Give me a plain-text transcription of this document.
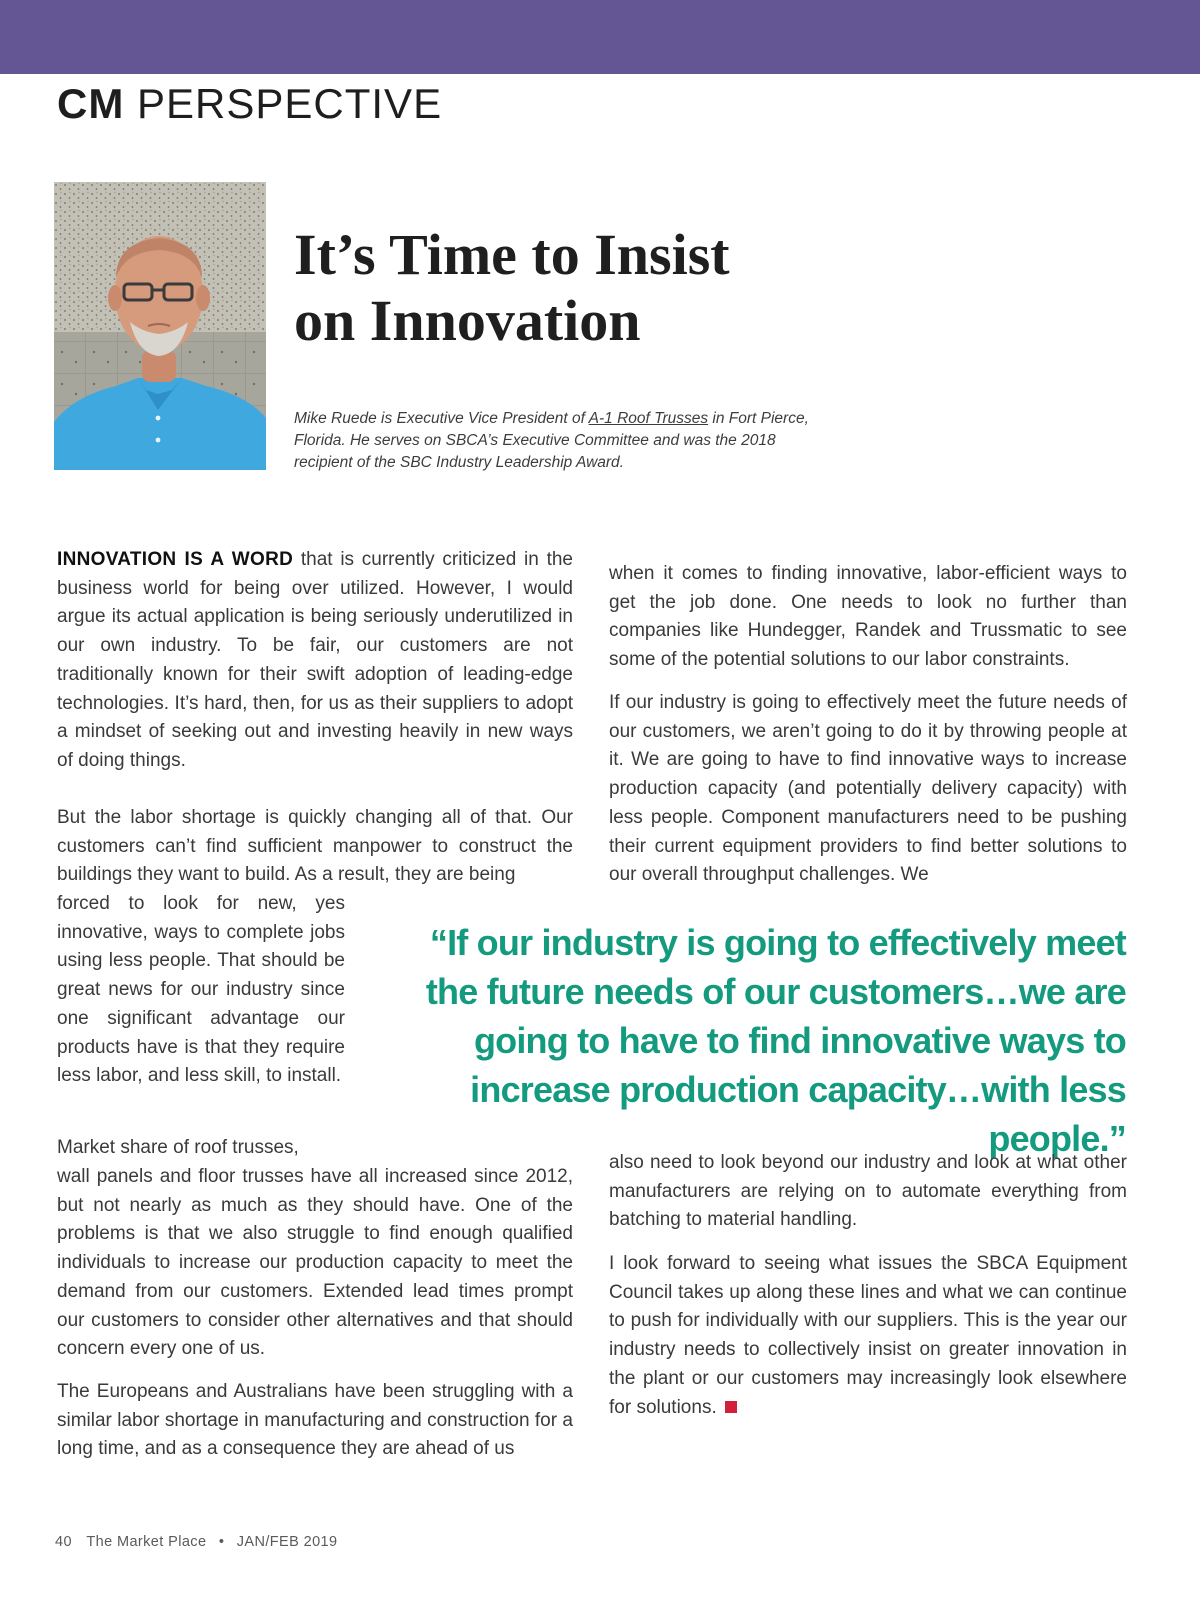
CM PERSPECTIVE
It’s Time to Insist
on Innovation
Mike Ruede is Executive Vice President of A-1 Roof Trusses in Fort Pierce, Florida. He serves on SBCA’s Executive Committee and was the 2018 recipient of the SBC Industry Leadership Award.

INNOVATION IS A WORD that is currently criticized in the business world for being over utilized. However, I would argue its actual application is being seriously underutilized in our own industry. To be fair, our customers are not traditionally known for their swift adoption of leading-edge technologies. It’s hard, then, for us as their suppliers to adopt a mindset of seeking out and investing heavily in new ways of doing things.

But the labor shortage is quickly changing all of that. Our customers can’t find sufficient manpower to construct the buildings they want to build. As a result, they are being

forced to look for new, yes innovative, ways to complete jobs using less people. That should be great news for our industry since one significant advantage our products have is that they require less labor, and less skill, to install.

Market share of roof trusses,

wall panels and floor trusses have all increased since 2012, but not nearly as much as they should have. One of the problems is that we also struggle to find enough qualified individuals to increase our production capacity to meet the demand from our customers. Extended lead times prompt our customers to consider other alternatives and that should concern every one of us.

The Europeans and Australians have been struggling with a similar labor shortage in manufacturing and construction for a long time, and as a consequence they are ahead of us

when it comes to finding innovative, labor-efficient ways to get the job done. One needs to look no further than companies like Hundegger, Randek and Trussmatic to see some of the potential solutions to our labor constraints.

If our industry is going to effectively meet the future needs of our customers, we aren’t going to do it by throwing people at it. We are going to have to find innovative ways to increase production capacity (and potentially delivery capacity) with less people. Component manufacturers need to be pushing their current equipment providers to find better solutions to our overall throughput challenges. We

“If our industry is going to effectively meet the future needs of our customers…we are going to have to find innovative ways to increase production capacity…with less people.”

also need to look beyond our industry and look at what other manufacturers are relying on to automate everything from batching to material handling.

I look forward to seeing what issues the SBCA Equipment Council takes up along these lines and what we can continue to push for individually with our suppliers. This is the year our industry needs to collectively insist on greater innovation in the plant or our customers may increasingly look elsewhere for solutions.

40 The Market Place • JAN/FEB 2019
